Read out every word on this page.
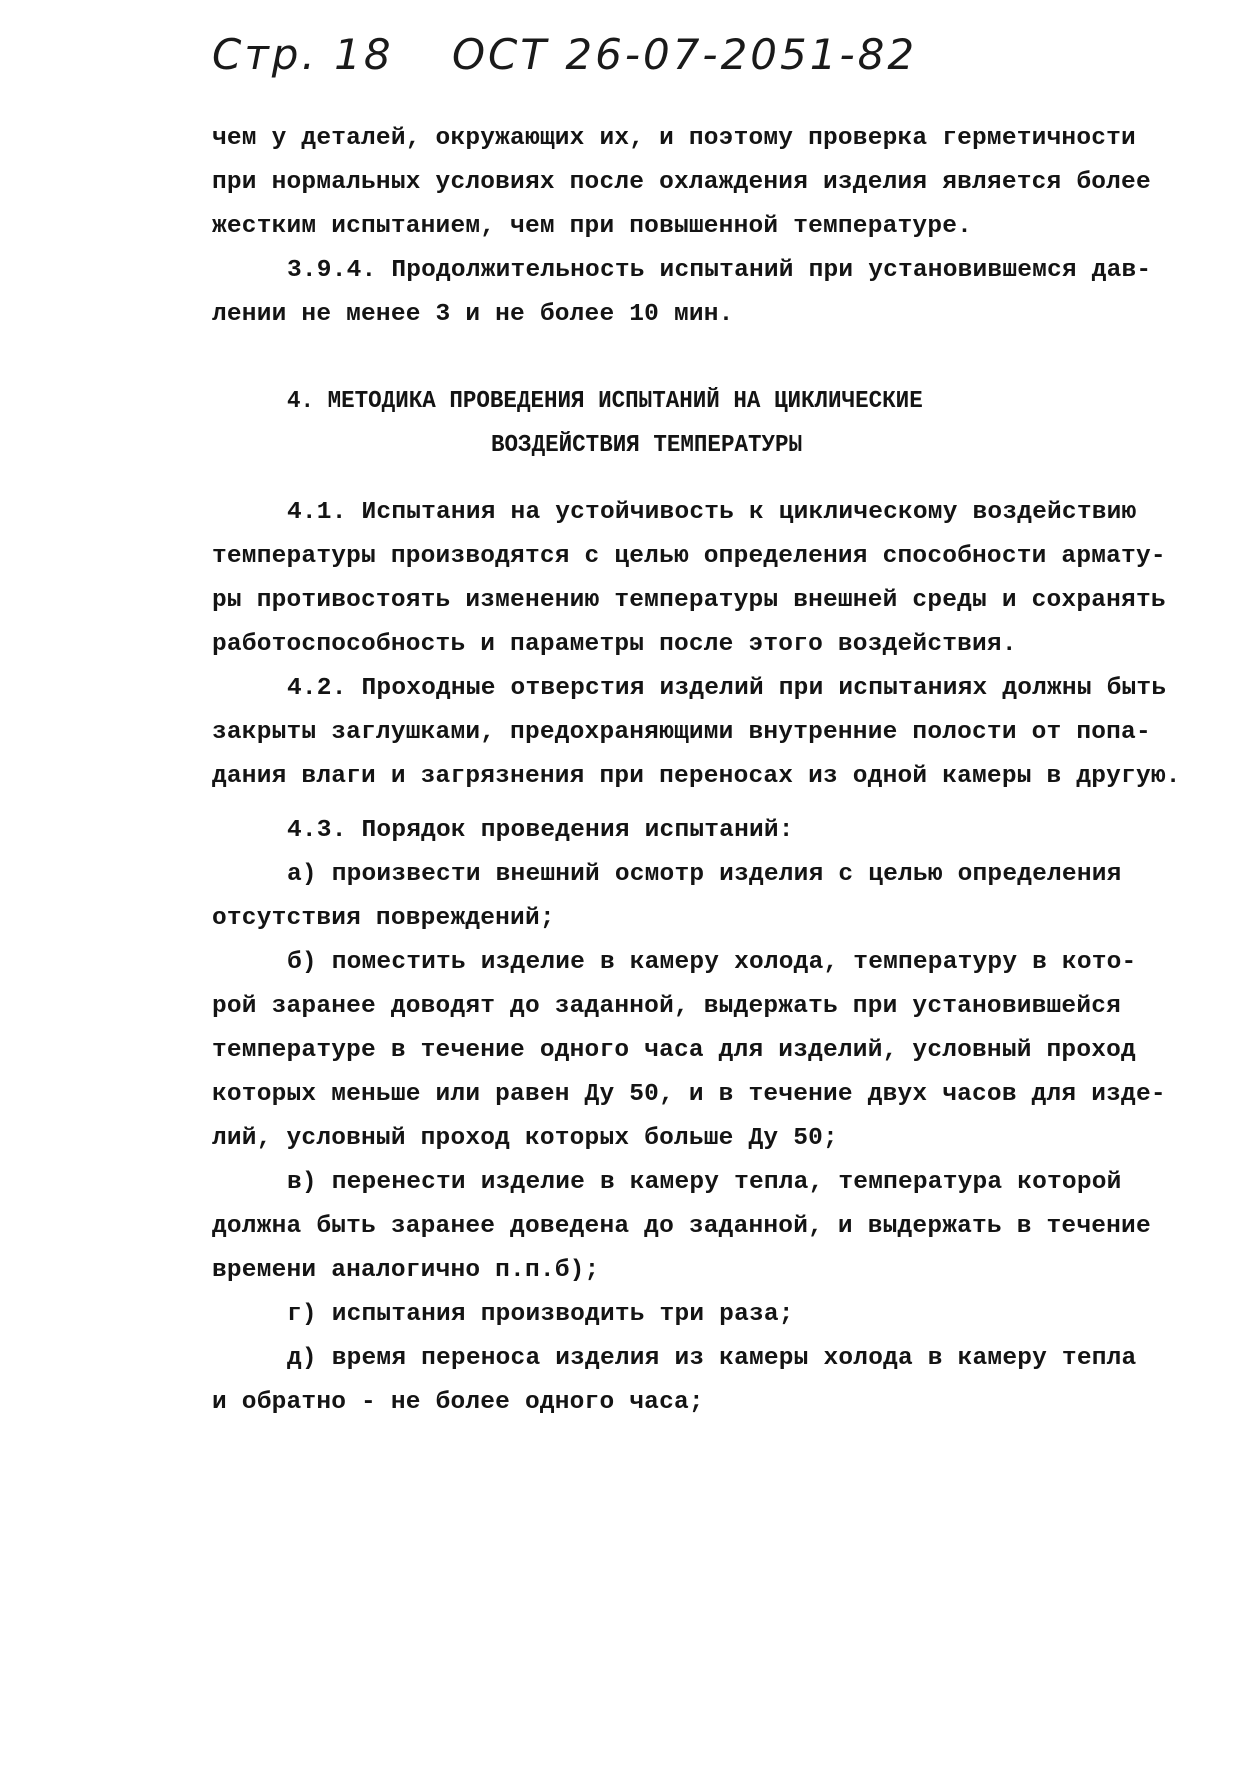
Стр. 18 ОСТ 26-07-2051-82
чем у деталей, окружающих их, и поэтому проверка герметичности
при нормальных условиях после охлаждения изделия является более
жестким испытанием, чем при повышенной температуре.
3.9.4. Продолжительность испытаний при установившемся дав-
лении не менее 3 и не более 10 мин.
4. МЕТОДИКА ПРОВЕДЕНИЯ ИСПЫТАНИЙ НА ЦИКЛИЧЕСКИЕ
ВОЗДЕЙСТВИЯ ТЕМПЕРАТУРЫ
4.1. Испытания на устойчивость к циклическому воздействию
температуры производятся с целью определения способности армату-
ры противостоять изменению температуры внешней среды и сохранять
работоспособность и параметры после этого воздействия.
4.2. Проходные отверстия изделий при испытаниях должны быть
закрыты заглушками, предохраняющими внутренние полости от попа-
дания влаги и загрязнения при переносах из одной камеры в другую.
4.3. Порядок проведения испытаний:
а) произвести внешний осмотр изделия с целью определения
отсутствия повреждений;
б) поместить изделие в камеру холода, температуру в кото-
рой заранее доводят до заданной, выдержать при установившейся
температуре в течение одного часа для изделий, условный проход
которых меньше или равен Ду 50, и в течение двух часов для изде-
лий, условный проход которых больше Ду 50;
в) перенести изделие в камеру тепла, температура которой
должна быть заранее доведена до заданной, и выдержать в течение
времени аналогично п.п.б);
г) испытания производить три раза;
д) время переноса изделия из камеры холода в камеру тепла
и обратно - не более одного часа;
